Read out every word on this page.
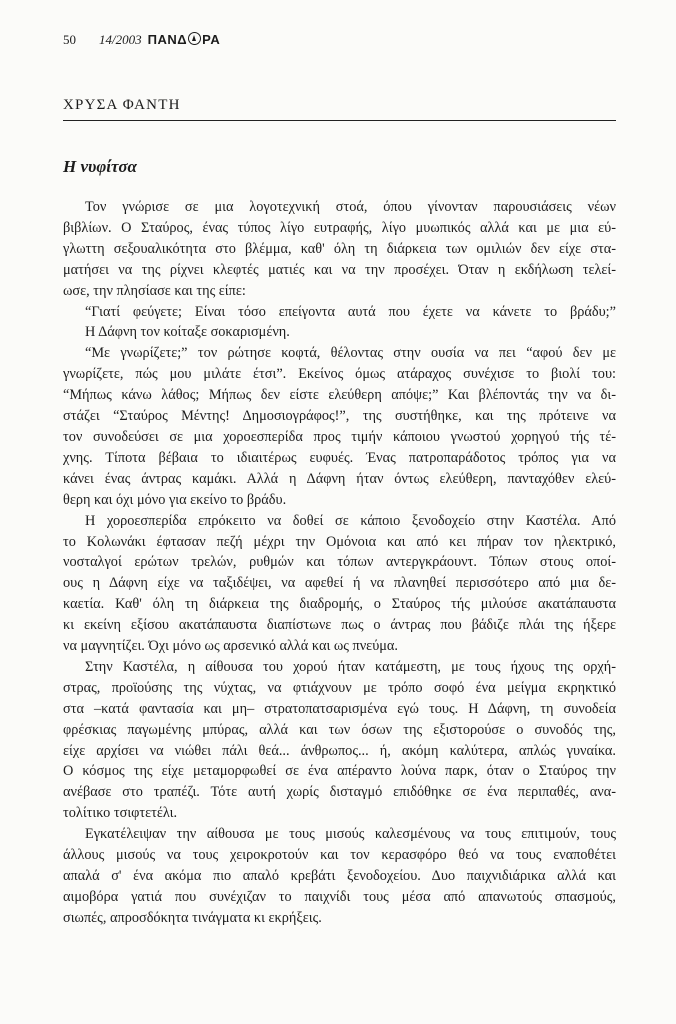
50	14/2003 ΠΑΝΔ ΡΑ
ΧΡΥΣΑ ΦΑΝΤΗ
Η νυφίτσα
Τον γνώρισε σε μια λογοτεχνική στοά, όπου γίνονταν παρουσιάσεις νέων
βιβλίων. Ο Σταύρος, ένας τύπος λίγο ευτραφής, λίγο μυωπικός αλλά και με μια εύ-
γλωττη σεξουαλικότητα στο βλέμμα, καθ' όλη τη διάρκεια των ομιλιών δεν είχε στα-
ματήσει να της ρίχνει κλεφτές ματιές και να την προσέχει. Όταν η εκδήλωση τελεί-
ωσε, την πλησίασε και της είπε:
“Γιατί φεύγετε; Είναι τόσο επείγοντα αυτά που έχετε να κάνετε το βράδυ;”
Η Δάφνη τον κοίταξε σοκαρισμένη.
“Με γνωρίζετε;” τον ρώτησε κοφτά, θέλοντας στην ουσία να πει “αφού δεν με
γνωρίζετε, πώς μου μιλάτε έτσι”. Εκείνος όμως ατάραχος συνέχισε το βιολί του:
“Μήπως κάνω λάθος; Μήπως δεν είστε ελεύθερη απόψε;” Και βλέποντάς την να δι-
στάζει “Σταύρος Μέντης! Δημοσιογράφος!”, της συστήθηκε, και της πρότεινε να
τον συνοδεύσει σε μια χοροεσπερίδα προς τιμήν κάποιου γνωστού χορηγού τής τέ-
χνης. Τίποτα βέβαια το ιδιαιτέρως ευφυές. Ένας πατροπαράδοτος τρόπος για να
κάνει ένας άντρας καμάκι. Αλλά η Δάφνη ήταν όντως ελεύθερη, πανταχόθεν ελεύ-
θερη και όχι μόνο για εκείνο το βράδυ.
Η χοροεσπερίδα επρόκειτο να δοθεί σε κάποιο ξενοδοχείο στην Καστέλα. Από
το Κολωνάκι έφτασαν πεζή μέχρι την Ομόνοια και από κει πήραν τον ηλεκτρικό,
νοσταλγοί ερώτων τρελών, ρυθμών και τόπων αντεργκράουντ. Τόπων στους οποί-
ους η Δάφνη είχε να ταξιδέψει, να αφεθεί ή να πλανηθεί περισσότερο από μια δε-
καετία. Καθ' όλη τη διάρκεια της διαδρομής, ο Σταύρος τής μιλούσε ακατάπαυστα
κι εκείνη εξίσου ακατάπαυστα διαπίστωνε πως ο άντρας που βάδιζε πλάι της ήξερε
να μαγνητίζει. Όχι μόνο ως αρσενικό αλλά και ως πνεύμα.
Στην Καστέλα, η αίθουσα του χορού ήταν κατάμεστη, με τους ήχους της ορχή-
στρας, προϊούσης της νύχτας, να φτιάχνουν με τρόπο σοφό ένα μείγμα εκρηκτικό
στα –κατά φαντασία και μη– στρατοπατσαρισμένα εγώ τους. Η Δάφνη, τη συνοδεία
φρέσκιας παγωμένης μπύρας, αλλά και των όσων της εξιστορούσε ο συνοδός της,
είχε αρχίσει να νιώθει πάλι θεά... άνθρωπος... ή, ακόμη καλύτερα, απλώς γυναίκα.
Ο κόσμος της είχε μεταμορφωθεί σε ένα απέραντο λούνα παρκ, όταν ο Σταύρος την
ανέβασε στο τραπέζι. Τότε αυτή χωρίς δισταγμό επιδόθηκε σε ένα περιπαθές, ανα-
τολίτικο τσιφτετέλι.
Εγκατέλειψαν την αίθουσα με τους μισούς καλεσμένους να τους επιτιμούν, τους
άλλους μισούς να τους χειροκροτούν και τον κερασφόρο θεό να τους εναποθέτει
απαλά σ' ένα ακόμα πιο απαλό κρεβάτι ξενοδοχείου. Δυο παιχνιδιάρικα αλλά και
αιμοβόρα γατιά που συνέχιζαν το παιχνίδι τους μέσα από απανωτούς σπασμούς,
σιωπές, απροσδόκητα τινάγματα κι εκρήξεις.
